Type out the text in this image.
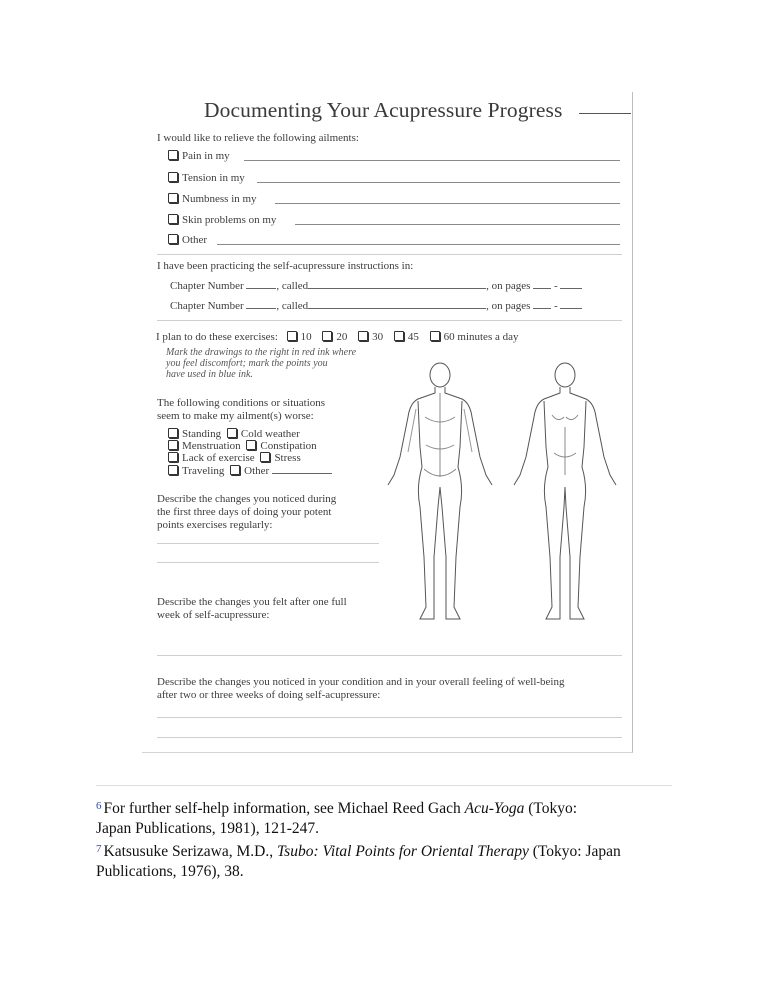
Documenting Your Acupressure Progress
I would like to relieve the following ailments:
Pain in my
Tension in my
Numbness in my
Skin problems on my
Other
I have been practicing the self-acupressure instructions in:
Chapter Number	, called	, on pages  -
Chapter Number	, called	, on pages  -
I plan to do these exercises: 10 20 30 45 60 minutes a day
Mark the drawings to the right in red ink where
you feel discomfort; mark the points you
have used in blue ink.
The following conditions or situations
seem to make my ailment(s) worse:
Standing Cold weather
Menstruation Constipation
Lack of exercise Stress
Traveling Other
Describe the changes you noticed during
the first three days of doing your potent
points exercises regularly:
Describe the changes you felt after one full
week of self-acupressure:
Describe the changes you noticed in your condition and in your overall feeling of well-being
after two or three weeks of doing self-acupressure:
$^6$ For further self-help information, see Michael Reed Gach Acu-Yoga (Tokyo:
Japan Publications, 1981), 121-247.
$^7$ Katsusuke Serizawa, M.D., Tsubo: Vital Points for Oriental Therapy (Tokyo: Japan
Publications, 1976), 38.
